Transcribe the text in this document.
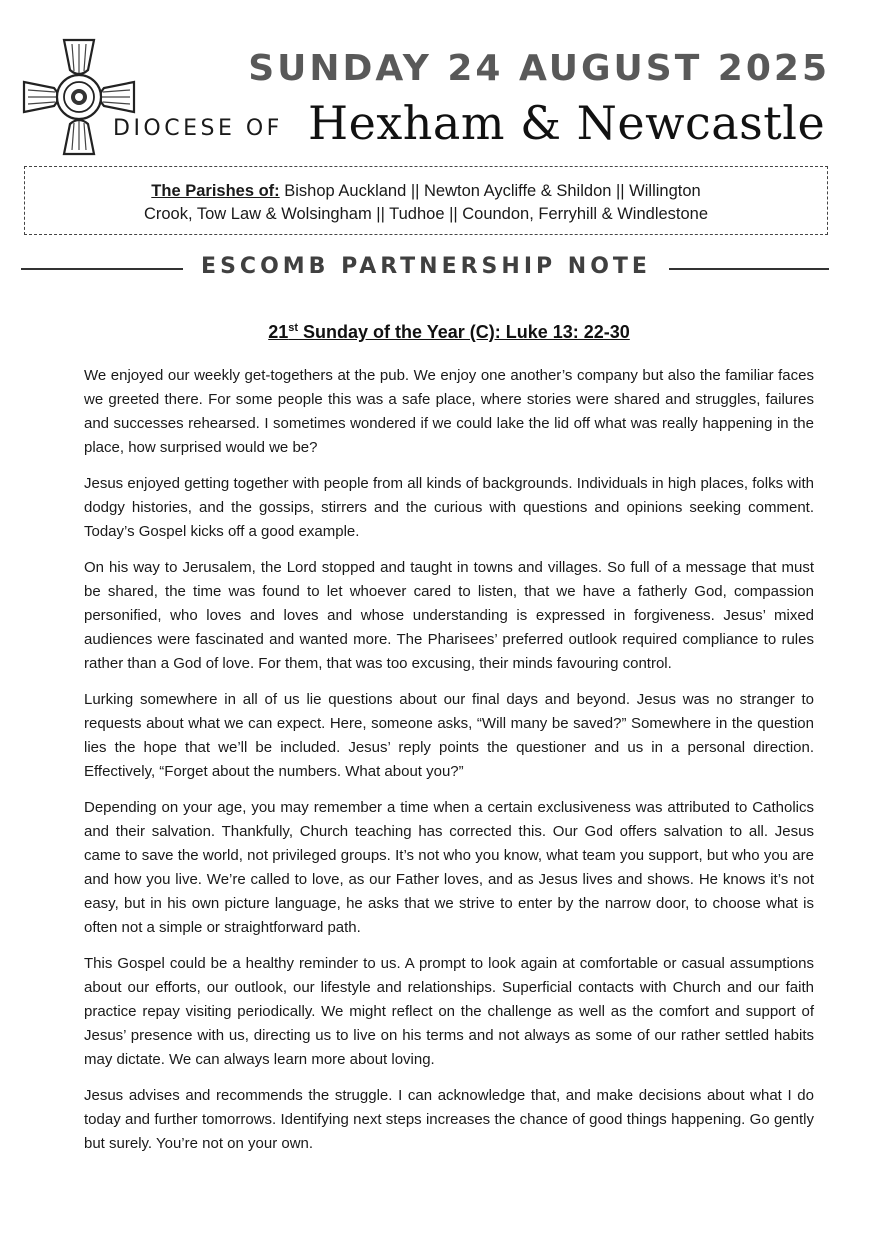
SUNDAY 24 AUGUST 2025
DIOCESE OF Hexham & Newcastle
The Parishes of: Bishop Auckland || Newton Aycliffe & Shildon || Willington
Crook, Tow Law & Wolsingham || Tudhoe || Coundon, Ferryhill & Windlestone
ESCOMB PARTNERSHIP NOTE
21st Sunday of the Year (C): Luke 13: 22-30

We enjoyed our weekly get-togethers at the pub. We enjoy one another’s company but also the familiar faces we greeted there. For some people this was a safe place, where stories were shared and struggles, failures and successes rehearsed. I sometimes wondered if we could lake the lid off what was really happening in the place, how surprised would we be?

Jesus enjoyed getting together with people from all kinds of backgrounds. Individuals in high places, folks with dodgy histories, and the gossips, stirrers and the curious with questions and opinions seeking comment. Today’s Gospel kicks off a good example.

On his way to Jerusalem, the Lord stopped and taught in towns and villages. So full of a message that must be shared, the time was found to let whoever cared to listen, that we have a fatherly God, compassion personified, who loves and loves and whose understanding is expressed in forgiveness. Jesus’ mixed audiences were fascinated and wanted more. The Pharisees’ preferred outlook required compliance to rules rather than a God of love. For them, that was too excusing, their minds favouring control.

Lurking somewhere in all of us lie questions about our final days and beyond. Jesus was no stranger to requests about what we can expect. Here, someone asks, “Will many be saved?” Somewhere in the question lies the hope that we’ll be included. Jesus’ reply points the questioner and us in a personal direction. Effectively, “Forget about the numbers. What about you?”

Depending on your age, you may remember a time when a certain exclusiveness was attributed to Catholics and their salvation. Thankfully, Church teaching has corrected this. Our God offers salvation to all. Jesus came to save the world, not privileged groups. It’s not who you know, what team you support, but who you are and how you live. We’re called to love, as our Father loves, and as Jesus lives and shows. He knows it’s not easy, but in his own picture language, he asks that we strive to enter by the narrow door, to choose what is often not a simple or straightforward path.

This Gospel could be a healthy reminder to us. A prompt to look again at comfortable or casual assumptions about our efforts, our outlook, our lifestyle and relationships. Superficial contacts with Church and our faith practice repay visiting periodically. We might reflect on the challenge as well as the comfort and support of Jesus’ presence with us, directing us to live on his terms and not always as some of our rather settled habits may dictate. We can always learn more about loving.

Jesus advises and recommends the struggle. I can acknowledge that, and make decisions about what I do today and further tomorrows. Identifying next steps increases the chance of good things happening. Go gently but surely. You’re not on your own.
